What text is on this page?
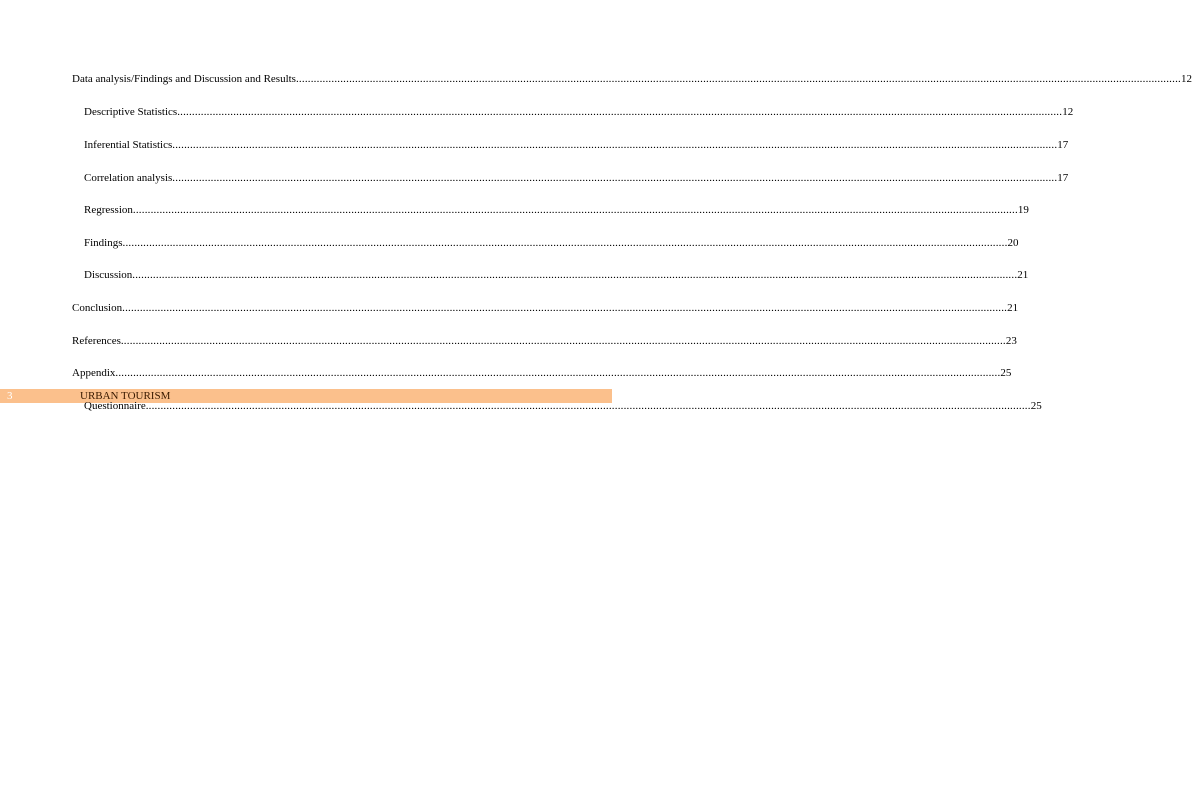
Data analysis/Findings and Discussion and Results ............................................................................................................................................................................................................................................................................................................ 12
Descriptive Statistics ............................................................................................................................................................................................................................................................................................................ 12
Inferential Statistics ............................................................................................................................................................................................................................................................................................................ 17
Correlation analysis ............................................................................................................................................................................................................................................................................................................ 17
Regression ............................................................................................................................................................................................................................................................................................................ 19
Findings ............................................................................................................................................................................................................................................................................................................ 20
Discussion ............................................................................................................................................................................................................................................................................................................ 21
Conclusion ............................................................................................................................................................................................................................................................................................................ 21
References ............................................................................................................................................................................................................................................................................................................ 23
Appendix ............................................................................................................................................................................................................................................................................................................ 25
Questionnaire ............................................................................................................................................................................................................................................................................................................ 25
3	URBAN TOURISM
